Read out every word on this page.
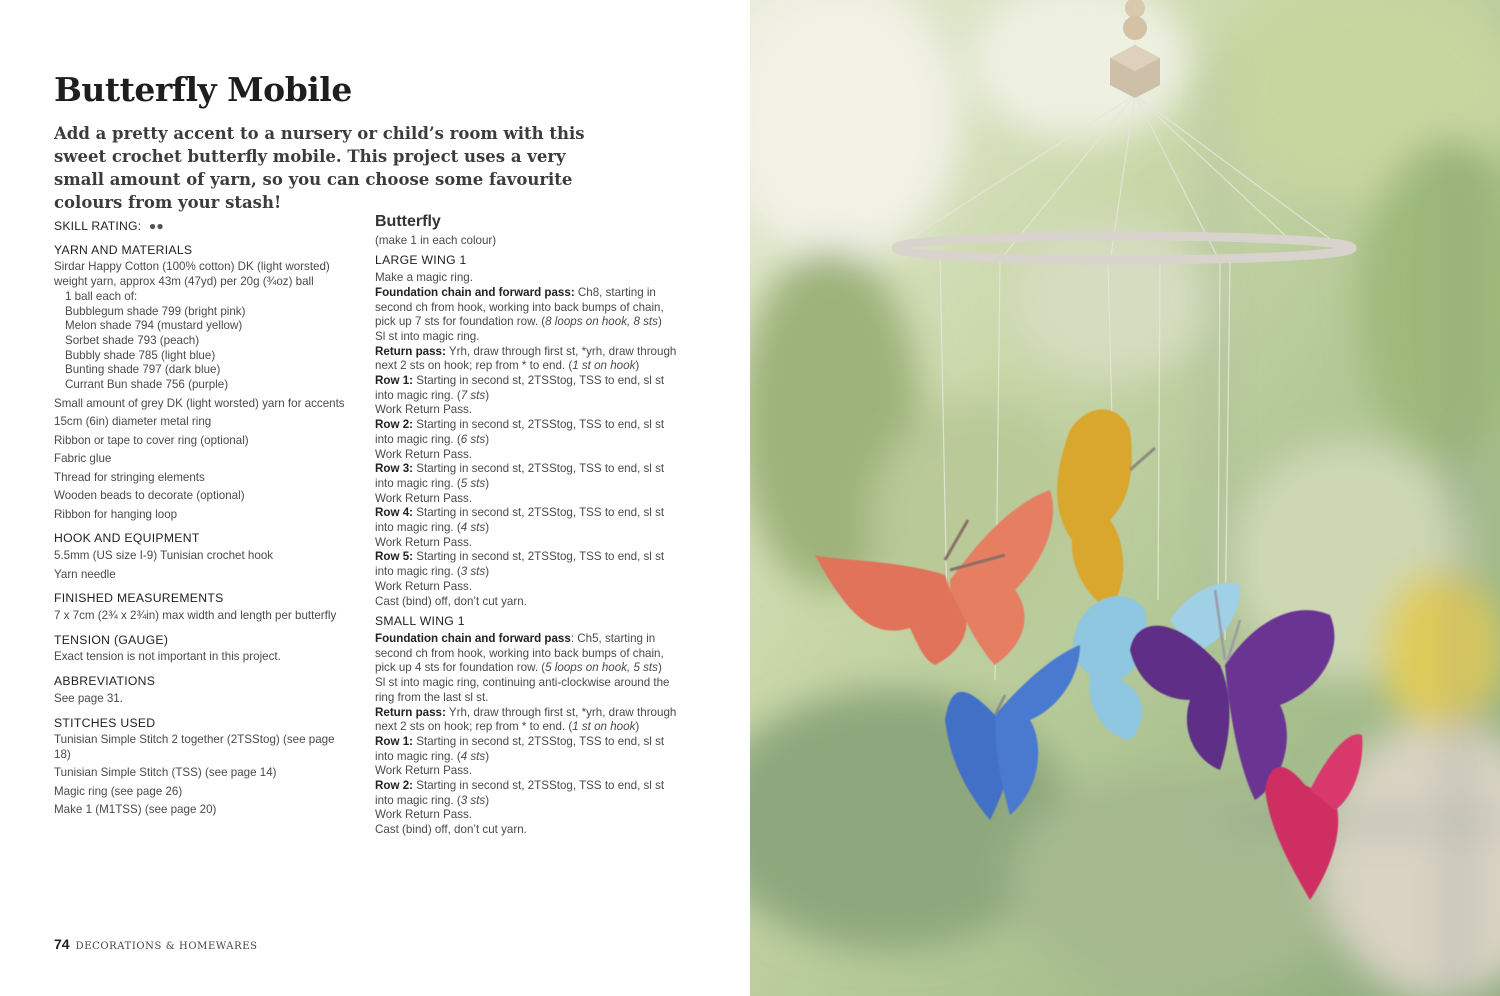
Butterfly Mobile

Add a pretty accent to a nursery or child’s room with this sweet crochet butterfly mobile. This project uses a very small amount of yarn, so you can choose some favourite colours from your stash!

SKILL RATING: ●●
YARN AND MATERIALS
Sirdar Happy Cotton (100% cotton) DK (light worsted) weight yarn, approx 43m (47yd) per 20g (¾oz) ball
1 ball each of:
Bubblegum shade 799 (bright pink)
Melon shade 794 (mustard yellow)
Sorbet shade 793 (peach)
Bubbly shade 785 (light blue)
Bunting shade 797 (dark blue)
Currant Bun shade 756 (purple)
Small amount of grey DK (light worsted) yarn for accents
15cm (6in) diameter metal ring
Ribbon or tape to cover ring (optional)
Fabric glue
Thread for stringing elements
Wooden beads to decorate (optional)
Ribbon for hanging loop
HOOK AND EQUIPMENT
5.5mm (US size I-9) Tunisian crochet hook
Yarn needle
FINISHED MEASUREMENTS
7 x 7cm (2¾ x 2¾in) max width and length per butterfly
TENSION (GAUGE)
Exact tension is not important in this project.
ABBREVIATIONS
See page 31.
STITCHES USED
Tunisian Simple Stitch 2 together (2TSStog) (see page 18)
Tunisian Simple Stitch (TSS) (see page 14)
Magic ring (see page 26)
Make 1 (M1TSS) (see page 20)
Butterfly

(make 1 in each colour)

LARGE WING 1

Make a magic ring.

Foundation chain and forward pass: Ch8, starting in second ch from hook, working into back bumps of chain, pick up 7 sts for foundation row. (8 loops on hook, 8 sts)

Sl st into magic ring.

Return pass: Yrh, draw through first st, *yrh, draw through next 2 sts on hook; rep from * to end. (1 st on hook)

Row 1: Starting in second st, 2TSStog, TSS to end, sl st into magic ring. (7 sts)

Work Return Pass.

Row 2: Starting in second st, 2TSStog, TSS to end, sl st into magic ring. (6 sts)

Work Return Pass.

Row 3: Starting in second st, 2TSStog, TSS to end, sl st into magic ring. (5 sts)

Work Return Pass.

Row 4: Starting in second st, 2TSStog, TSS to end, sl st into magic ring. (4 sts)

Work Return Pass.

Row 5: Starting in second st, 2TSStog, TSS to end, sl st into magic ring. (3 sts)

Work Return Pass.

Cast (bind) off, don’t cut yarn.

SMALL WING 1

Foundation chain and forward pass: Ch5, starting in second ch from hook, working into back bumps of chain, pick up 4 sts for foundation row. (5 loops on hook, 5 sts)

Sl st into magic ring, continuing anti-clockwise around the ring from the last sl st.

Return pass: Yrh, draw through first st, *yrh, draw through next 2 sts on hook; rep from * to end. (1 st on hook)

Row 1: Starting in second st, 2TSStog, TSS to end, sl st into magic ring. (4 sts)

Work Return Pass.

Row 2: Starting in second st, 2TSStog, TSS to end, sl st into magic ring. (3 sts)

Work Return Pass.

Cast (bind) off, don’t cut yarn.

74 DECORATIONS & HOMEWARES
